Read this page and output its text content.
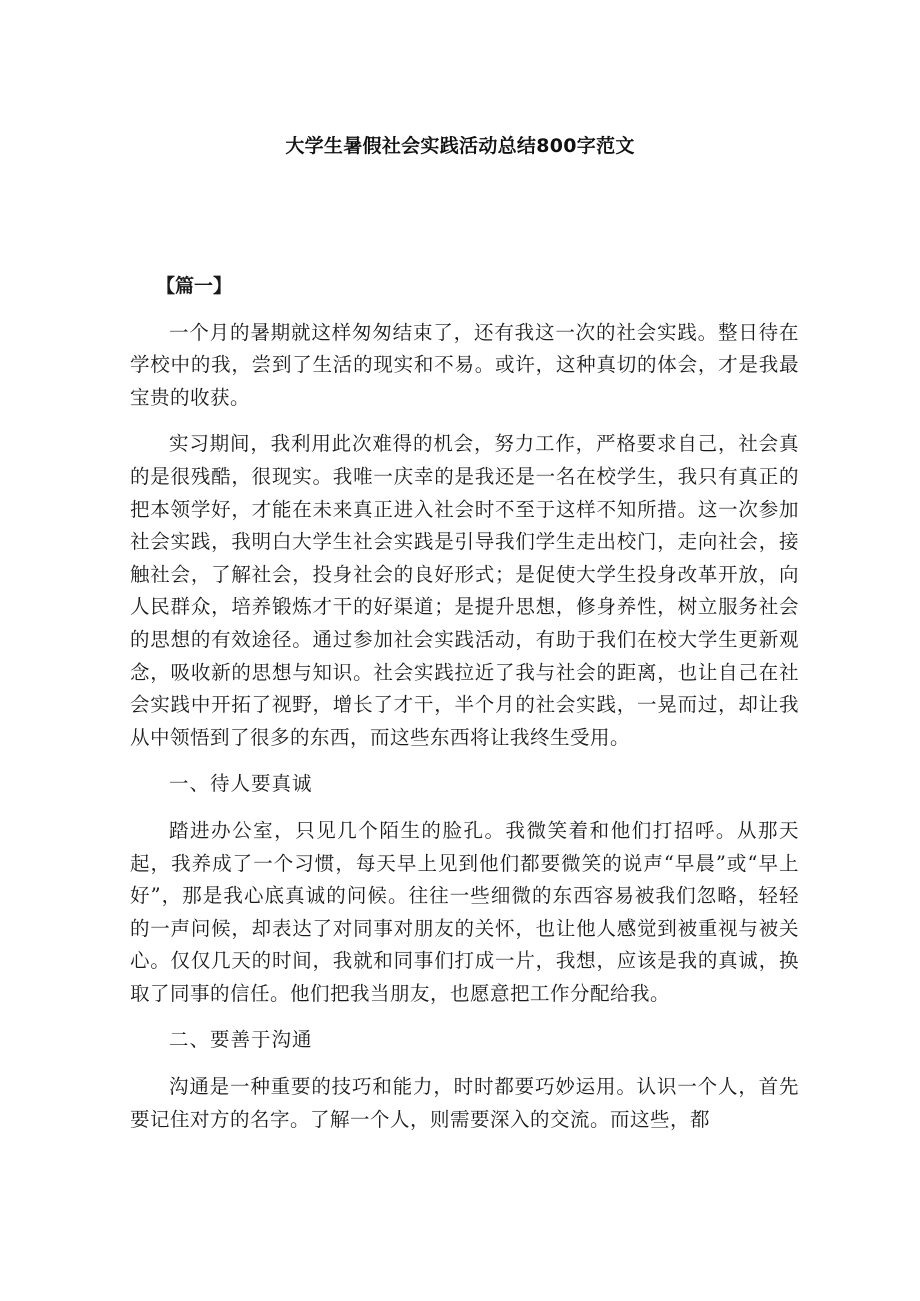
大学生暑假社会实践活动总结800字范文

【篇一】

一个月的暑期就这样匆匆结束了，还有我这一次的社会实践。整日待在学校中的我，尝到了生活的现实和不易。或许，这种真切的体会，才是我最宝贵的收获。

实习期间，我利用此次难得的机会，努力工作，严格要求自己，社会真的是很残酷，很现实。我唯一庆幸的是我还是一名在校学生，我只有真正的把本领学好，才能在未来真正进入社会时不至于这样不知所措。这一次参加社会实践，我明白大学生社会实践是引导我们学生走出校门，走向社会，接触社会，了解社会，投身社会的良好形式；是促使大学生投身改革开放，向人民群众，培养锻炼才干的好渠道；是提升思想，修身养性，树立服务社会的思想的有效途径。通过参加社会实践活动，有助于我们在校大学生更新观念，吸收新的思想与知识。社会实践拉近了我与社会的距离，也让自己在社会实践中开拓了视野，增长了才干，半个月的社会实践，一晃而过，却让我从中领悟到了很多的东西，而这些东西将让我终生受用。

一、待人要真诚

踏进办公室，只见几个陌生的脸孔。我微笑着和他们打招呼。从那天起，我养成了一个习惯，每天早上见到他们都要微笑的说声“早晨”或“早上好”，那是我心底真诚的问候。往往一些细微的东西容易被我们忽略，轻轻的一声问候，却表达了对同事对朋友的关怀，也让他人感觉到被重视与被关心。仅仅几天的时间，我就和同事们打成一片，我想，应该是我的真诚，换取了同事的信任。他们把我当朋友，也愿意把工作分配给我。

二、要善于沟通

沟通是一种重要的技巧和能力，时时都要巧妙运用。认识一个人，首先要记住对方的名字。了解一个人，则需要深入的交流。而这些，都
